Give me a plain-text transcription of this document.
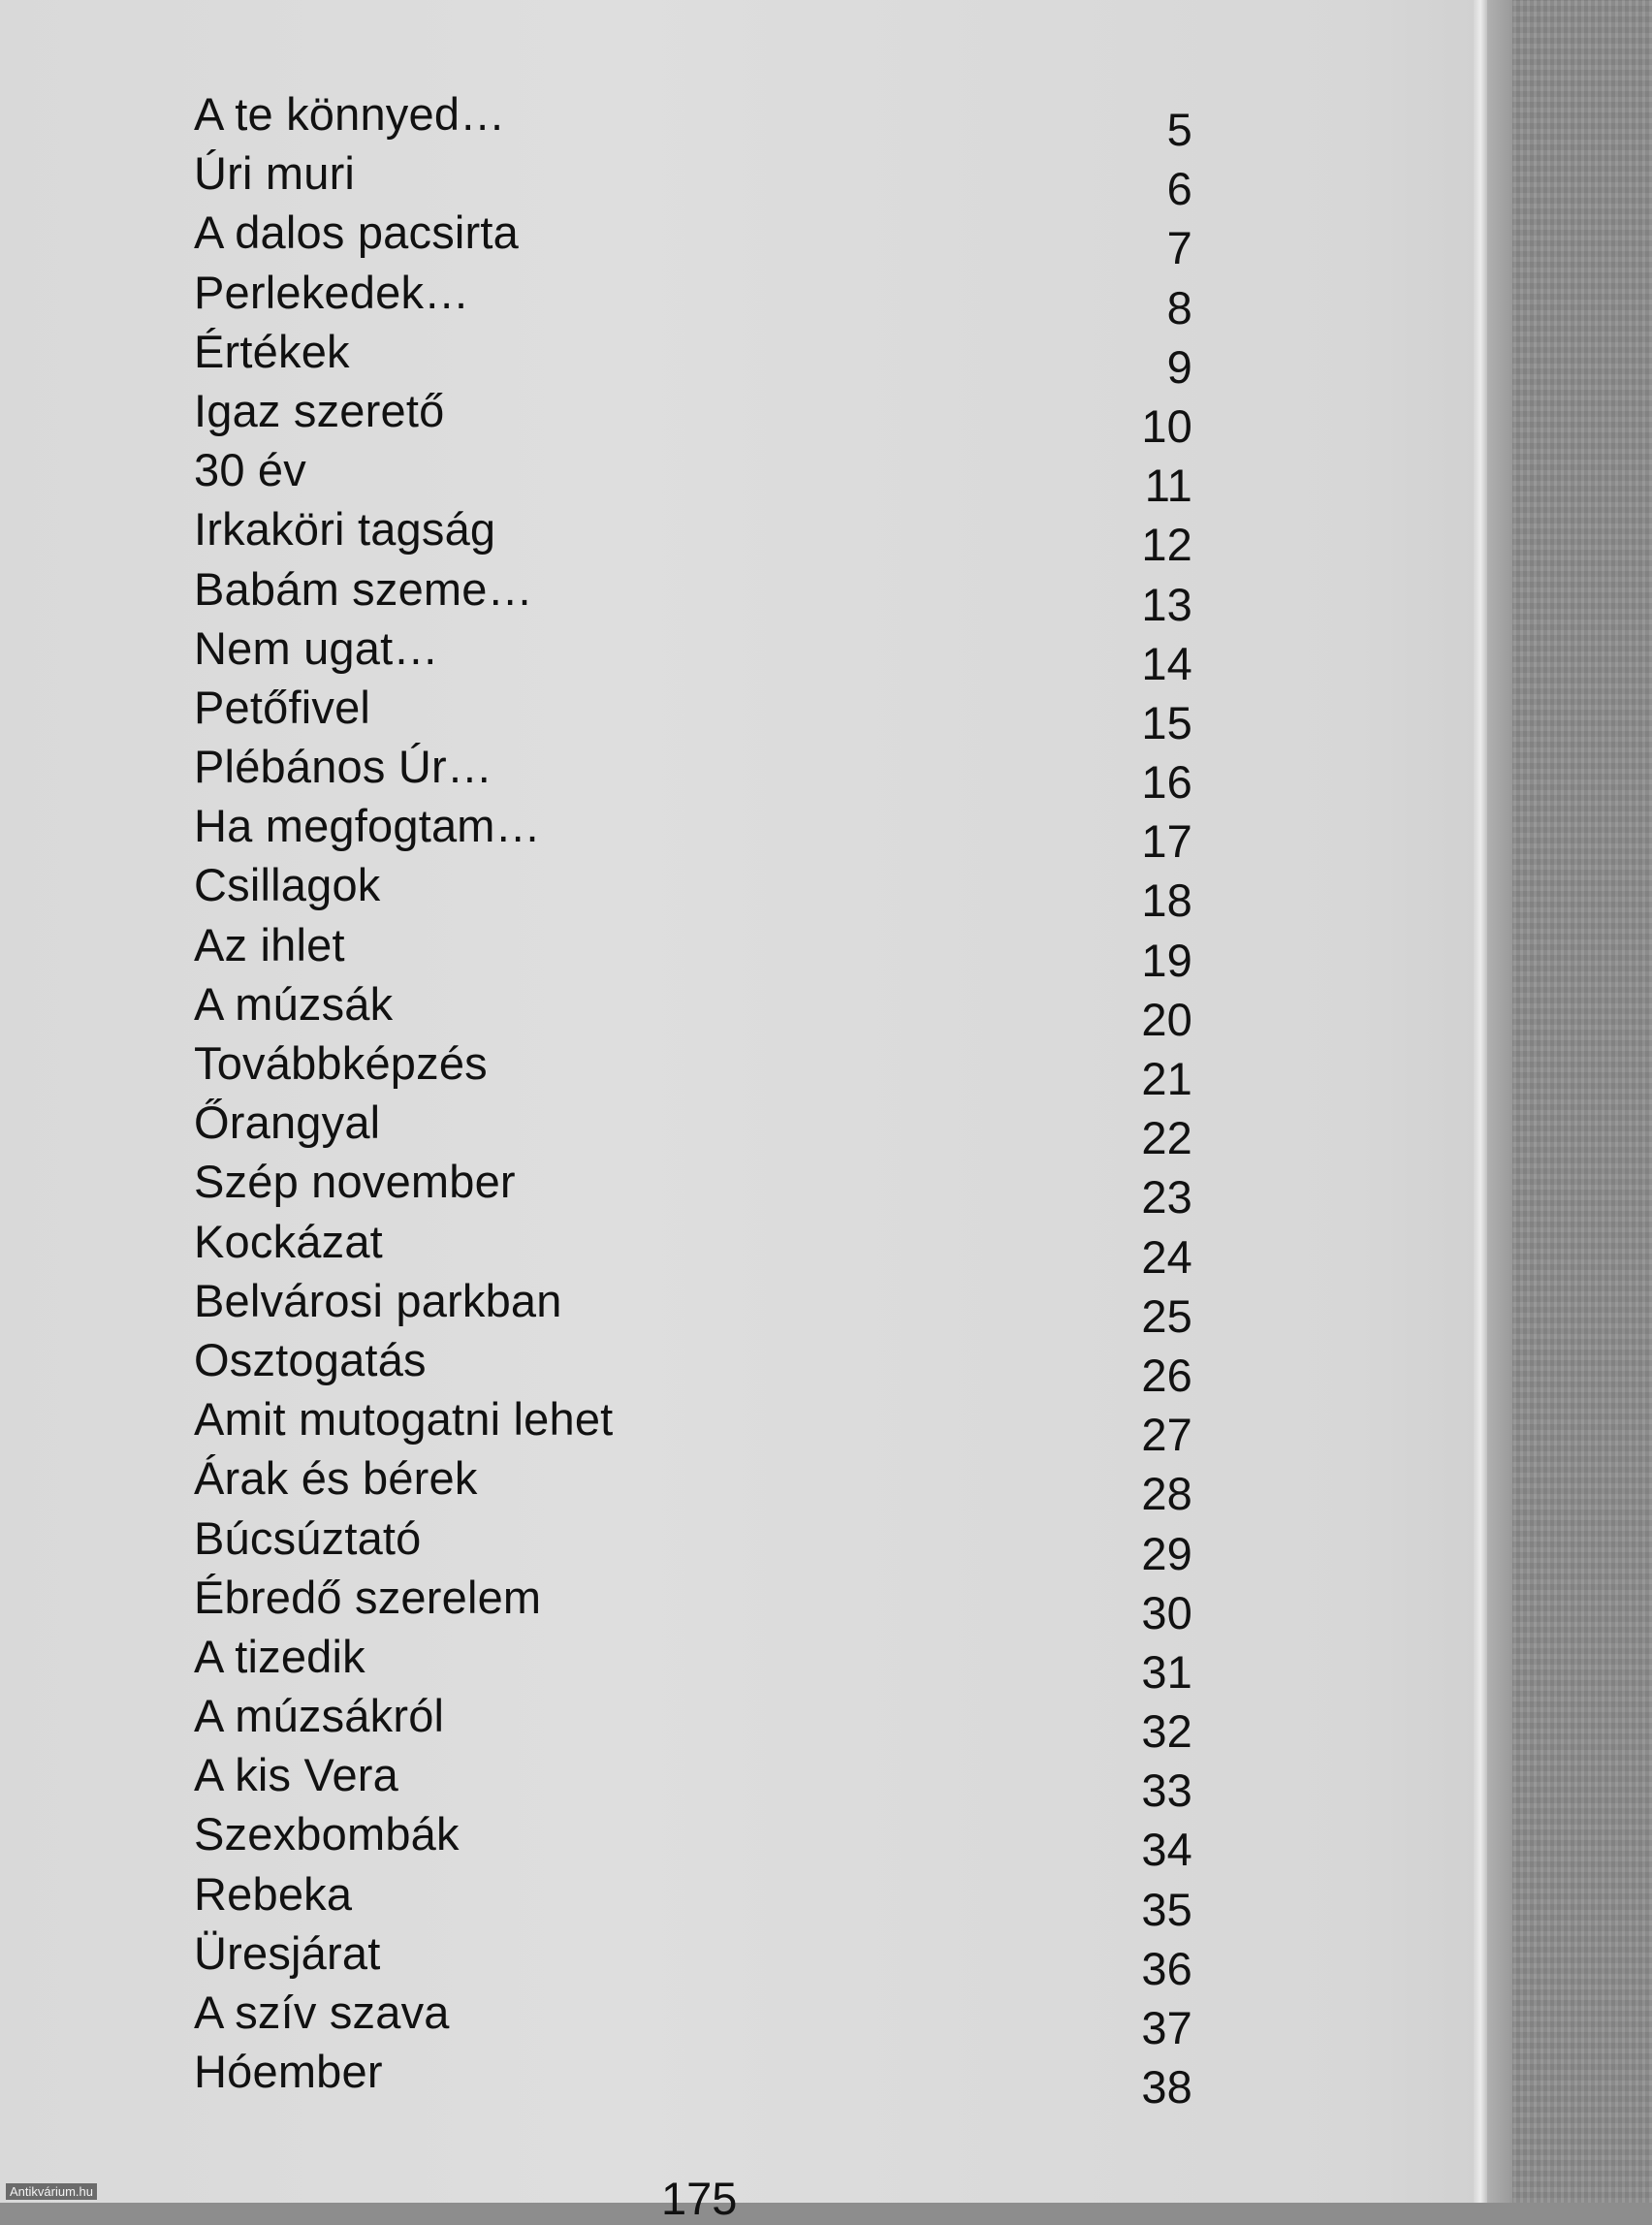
A te könnyed…	5
Úri muri	6
A dalos pacsirta	7
Perlekedek…	8
Értékek	9
Igaz szerető	10
30 év	11
Irkaköri tagság	12
Babám szeme…	13
Nem ugat…	14
Petőfivel	15
Plébános Úr…	16
Ha megfogtam…	17
Csillagok	18
Az ihlet	19
A múzsák	20
Továbbképzés	21
Őrangyal	22
Szép november	23
Kockázat	24
Belvárosi parkban	25
Osztogatás	26
Amit mutogatni lehet	27
Árak és bérek	28
Búcsúztató	29
Ébredő szerelem	30
A tizedik	31
A múzsákról	32
A kis Vera	33
Szexbombák	34
Rebeka	35
Üresjárat	36
A szív szava	37
Hóember	38
175
Antikvárium.hu
